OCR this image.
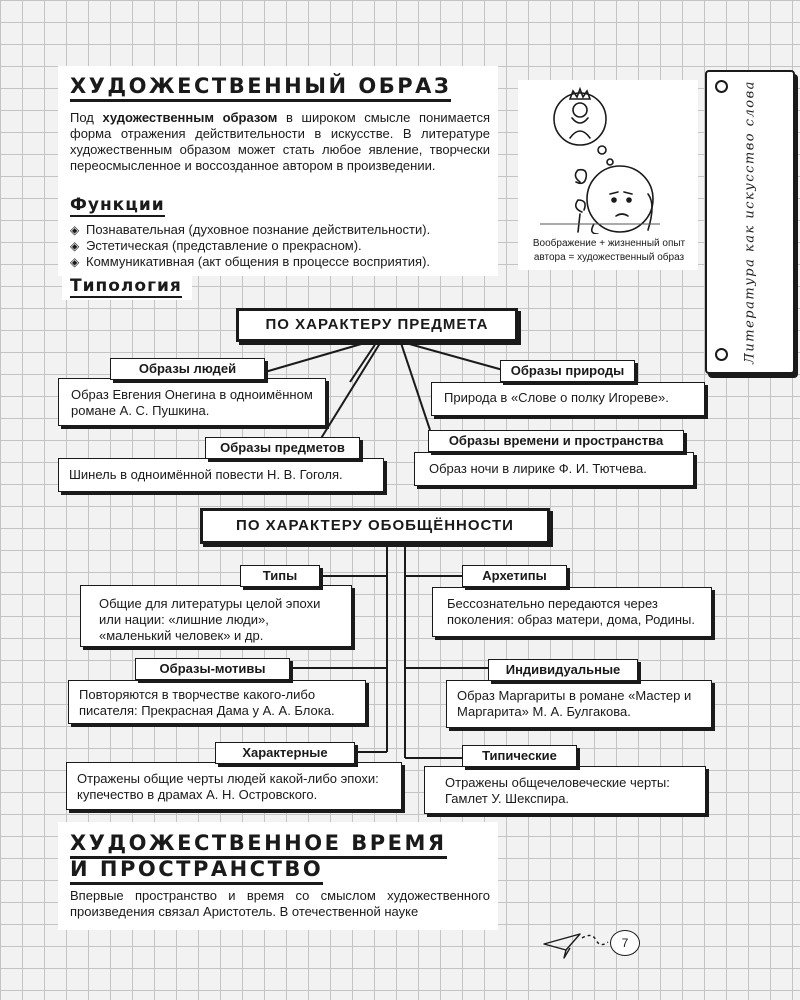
ХУДОЖЕСТВЕННЫЙ ОБРАЗ

Под художественным образом в широком смысле понимается форма отражения действительности в искусстве. В литературе художественным образом может стать любое явление, творчески переосмысленное и воссозданное автором в произведении.

Функции
◈ Познавательная (духовное познание действительности).
◈ Эстетическая (представление о прекрасном).
◈ Коммуникативная (акт общения в процессе восприятия).
Воображение + жизненный опыт автора = художественный образ	Литература как искусство слова
Типология
ПО ХАРАКТЕРУ ПРЕДМЕТА
Образ Евгения Онегина в одноимённом романе А. С. Пушкина.
Образы людей
Шинель в одноимённой повести Н. В. Гоголя.
Образы предметов
Природа в «Слове о полку Игореве».
Образы природы
Образ ночи в лирике Ф. И. Тютчева.
Образы времени и пространства
ПО ХАРАКТЕРУ ОБОБЩЁННОСТИ
Общие для литературы целой эпохи или нации: «лишние люди», «маленький человек» и др.
Типы
Повторяются в творчестве какого-либо писателя: Прекрасная Дама у А. А. Блока.
Образы-мотивы
Отражены общие черты людей какой-либо эпохи: купечество в драмах А. Н. Островского.
Характерные
Бессознательно передаются через поколения: образ матери, дома, Родины.
Архетипы
Образ Маргариты в романе «Мастер и Маргарита» М. А. Булгакова.
Индивидуальные
Отражены общечеловеческие черты: Гамлет У. Шекспира.
Типические
ХУДОЖЕСТВЕННОЕ ВРЕМЯ
И ПРОСТРАНСТВО

Впервые пространство и время со смыслом художественного произведения связал Аристотель. В отечественной науке

7
